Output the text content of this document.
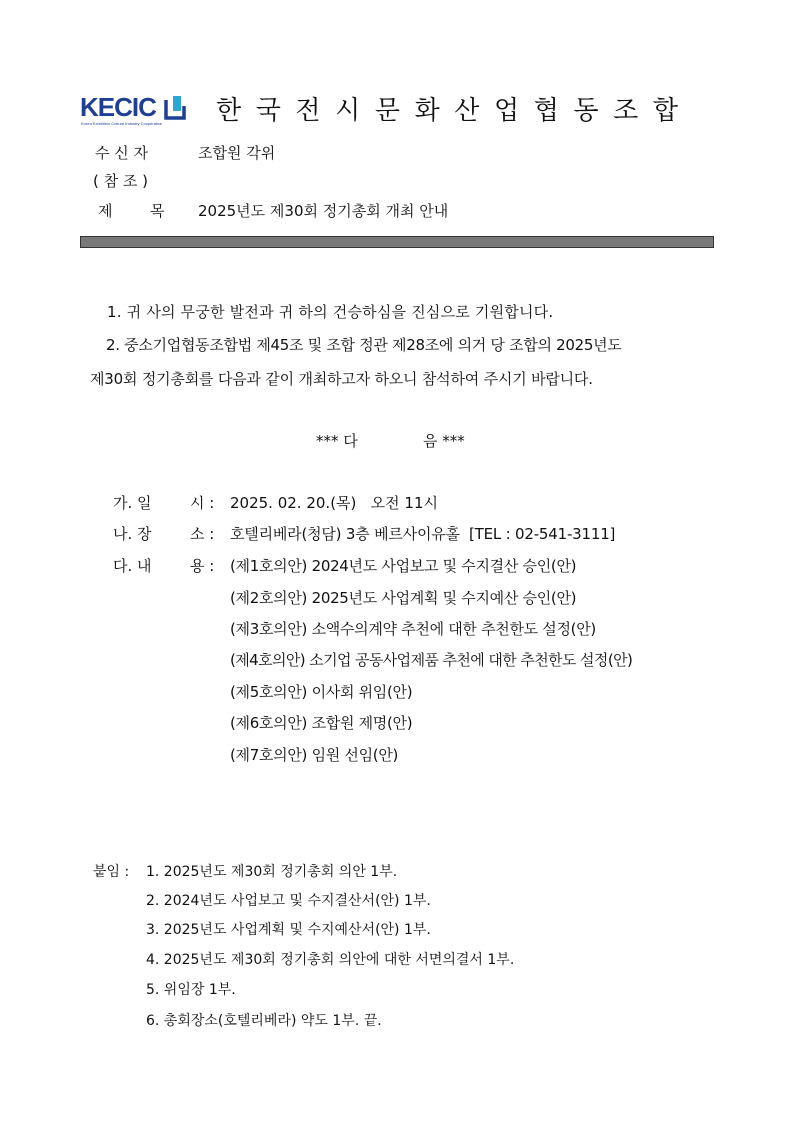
KECIC
Korea Exhibition Culture Industry Cooperative 한국전시문화산업협동조합
수 신 자	조합원 각위
( 참 조 )
제	목 2025년도 제30회 정기총회 개최 안내
1. 귀 사의 무궁한 발전과 귀 하의 건승하심을 진심으로 기원합니다.
2. 중소기업협동조합법 제45조 및 조합 정관 제28조에 의거 당 조합의 2025년도
제30회 정기총회를 다음과 같이 개최하고자 하오니 참석하여 주시기 바랍니다.
*** 다	음 ***
가. 일	시 : 2025. 02. 20.(목)   오전 11시
나. 장	소 : 호텔리베라(청담) 3층 베르사이유홀  [TEL : 02-541-3111]
다. 내	용 : (제1호의안) 2024년도 사업보고 및 수지결산 승인(안)
(제2호의안) 2025년도 사업계획 및 수지예산 승인(안)
(제3호의안) 소액수의계약 추천에 대한 추천한도 설정(안)
(제4호의안) 소기업 공동사업제품 추천에 대한 추천한도 설정(안)
(제5호의안) 이사회 위임(안)
(제6호의안) 조합원 제명(안)
(제7호의안) 임원 선임(안)
붙임 : 1. 2025년도 제30회 정기총회 의안 1부.
2. 2024년도 사업보고 및 수지결산서(안) 1부.
3. 2025년도 사업계획 및 수지예산서(안) 1부.
4. 2025년도 제30회 정기총회 의안에 대한 서면의결서 1부.
5. 위임장 1부.
6. 총회장소(호텔리베라) 약도 1부. 끝.
